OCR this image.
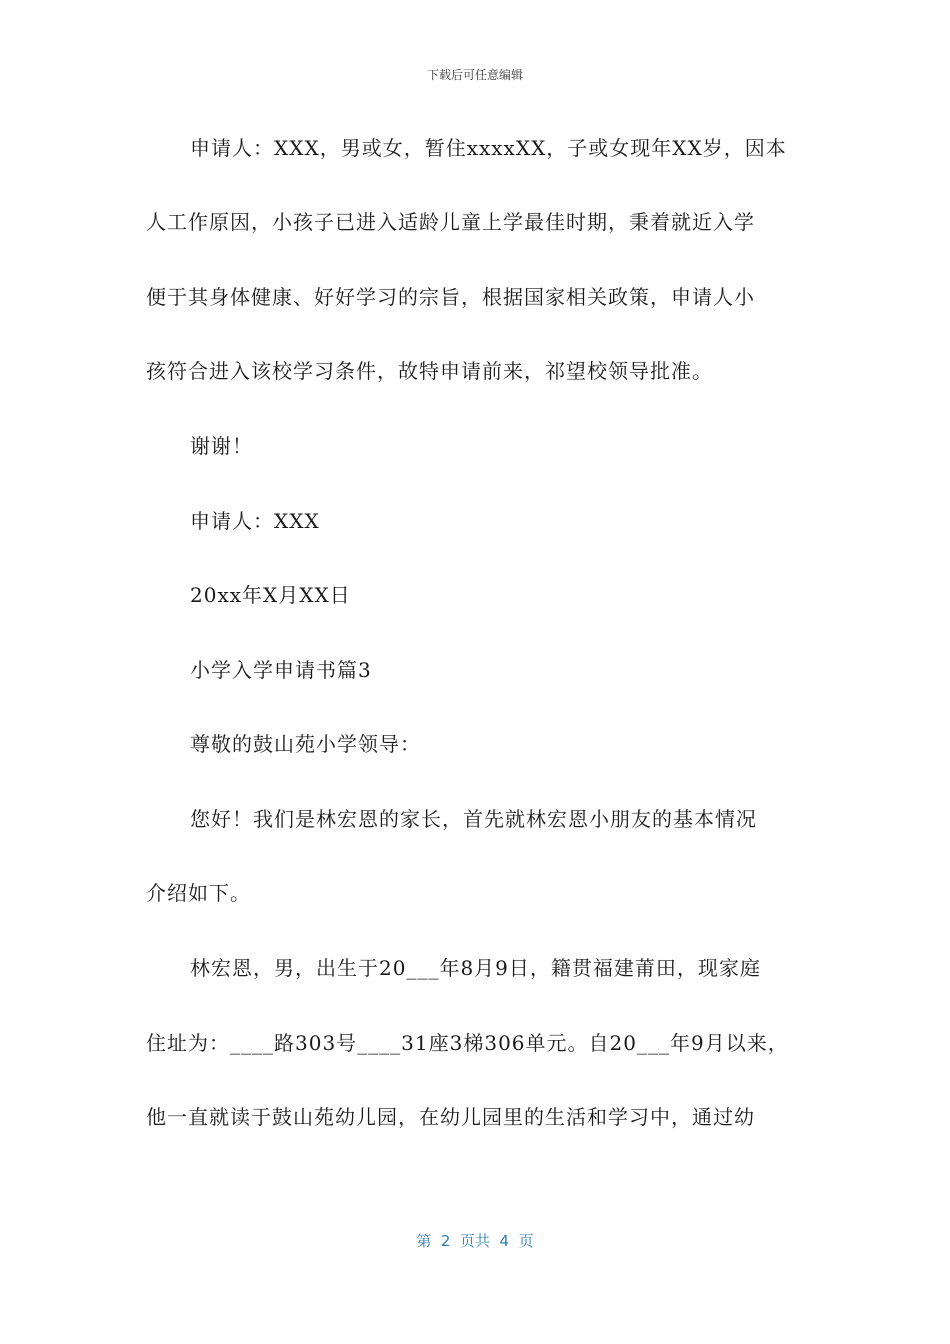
下载后可任意编辑
申请人：XXX，男或女，暂住xxxxXX，子或女现年XX岁，因本
人工作原因，小孩子已进入适龄儿童上学最佳时期，秉着就近入学
便于其身体健康、好好学习的宗旨，根据国家相关政策，申请人小
孩符合进入该校学习条件，故特申请前来，祁望校领导批准。
谢谢！
申请人：XXX
20xx年X月XX日
小学入学申请书篇3
尊敬的鼓山苑小学领导：
您好！我们是林宏恩的家长，首先就林宏恩小朋友的基本情况
介绍如下。
林宏恩，男，出生于20___年8月9日，籍贯福建莆田，现家庭
住址为：____路303号____31座3梯306单元。自20___年9月以来，
他一直就读于鼓山苑幼儿园，在幼儿园里的生活和学习中，通过幼
第  2  页共  4  页
